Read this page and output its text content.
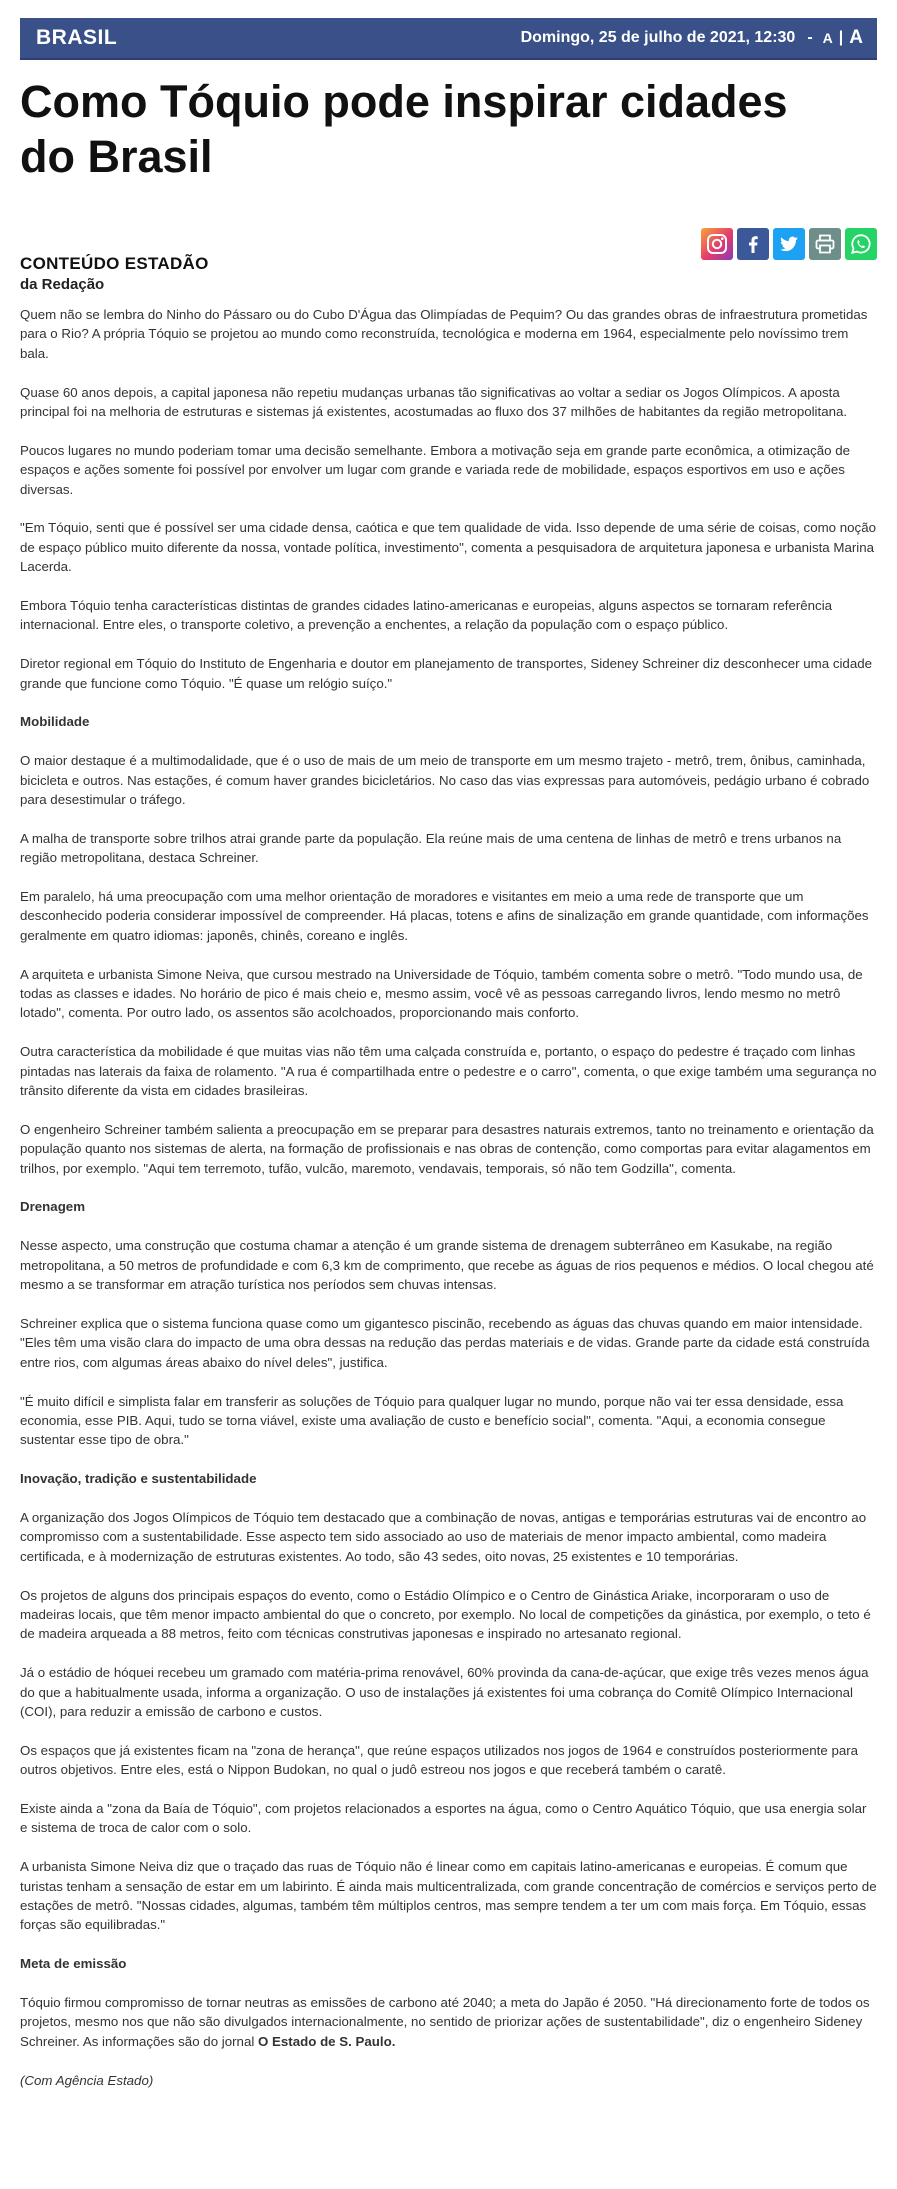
BRASIL	Domingo, 25 de julho de 2021, 12:30 - A | A
Como Tóquio pode inspirar cidades do Brasil
CONTEÚDO ESTADÃO
da Redação

Quem não se lembra do Ninho do Pássaro ou do Cubo D'Água das Olimpíadas de Pequim? Ou das grandes obras de infraestrutura prometidas para o Rio? A própria Tóquio se projetou ao mundo como reconstruída, tecnológica e moderna em 1964, especialmente pelo novíssimo trem bala.

Quase 60 anos depois, a capital japonesa não repetiu mudanças urbanas tão significativas ao voltar a sediar os Jogos Olímpicos. A aposta principal foi na melhoria de estruturas e sistemas já existentes, acostumadas ao fluxo dos 37 milhões de habitantes da região metropolitana.

Poucos lugares no mundo poderiam tomar uma decisão semelhante. Embora a motivação seja em grande parte econômica, a otimização de espaços e ações somente foi possível por envolver um lugar com grande e variada rede de mobilidade, espaços esportivos em uso e ações diversas.

"Em Tóquio, senti que é possível ser uma cidade densa, caótica e que tem qualidade de vida. Isso depende de uma série de coisas, como noção de espaço público muito diferente da nossa, vontade política, investimento", comenta a pesquisadora de arquitetura japonesa e urbanista Marina Lacerda.

Embora Tóquio tenha características distintas de grandes cidades latino-americanas e europeias, alguns aspectos se tornaram referência internacional. Entre eles, o transporte coletivo, a prevenção a enchentes, a relação da população com o espaço público.

Diretor regional em Tóquio do Instituto de Engenharia e doutor em planejamento de transportes, Sideney Schreiner diz desconhecer uma cidade grande que funcione como Tóquio. "É quase um relógio suíço."

Mobilidade

O maior destaque é a multimodalidade, que é o uso de mais de um meio de transporte em um mesmo trajeto - metrô, trem, ônibus, caminhada, bicicleta e outros. Nas estações, é comum haver grandes bicicletários. No caso das vias expressas para automóveis, pedágio urbano é cobrado para desestimular o tráfego.

A malha de transporte sobre trilhos atrai grande parte da população. Ela reúne mais de uma centena de linhas de metrô e trens urbanos na região metropolitana, destaca Schreiner.

Em paralelo, há uma preocupação com uma melhor orientação de moradores e visitantes em meio a uma rede de transporte que um desconhecido poderia considerar impossível de compreender. Há placas, totens e afins de sinalização em grande quantidade, com informações geralmente em quatro idiomas: japonês, chinês, coreano e inglês.

A arquiteta e urbanista Simone Neiva, que cursou mestrado na Universidade de Tóquio, também comenta sobre o metrô. "Todo mundo usa, de todas as classes e idades. No horário de pico é mais cheio e, mesmo assim, você vê as pessoas carregando livros, lendo mesmo no metrô lotado", comenta. Por outro lado, os assentos são acolchoados, proporcionando mais conforto.

Outra característica da mobilidade é que muitas vias não têm uma calçada construída e, portanto, o espaço do pedestre é traçado com linhas pintadas nas laterais da faixa de rolamento. "A rua é compartilhada entre o pedestre e o carro", comenta, o que exige também uma segurança no trânsito diferente da vista em cidades brasileiras.

O engenheiro Schreiner também salienta a preocupação em se preparar para desastres naturais extremos, tanto no treinamento e orientação da população quanto nos sistemas de alerta, na formação de profissionais e nas obras de contenção, como comportas para evitar alagamentos em trilhos, por exemplo. "Aqui tem terremoto, tufão, vulcão, maremoto, vendavais, temporais, só não tem Godzilla", comenta.

Drenagem

Nesse aspecto, uma construção que costuma chamar a atenção é um grande sistema de drenagem subterrâneo em Kasukabe, na região metropolitana, a 50 metros de profundidade e com 6,3 km de comprimento, que recebe as águas de rios pequenos e médios. O local chegou até mesmo a se transformar em atração turística nos períodos sem chuvas intensas.

Schreiner explica que o sistema funciona quase como um gigantesco piscinão, recebendo as águas das chuvas quando em maior intensidade. "Eles têm uma visão clara do impacto de uma obra dessas na redução das perdas materiais e de vidas. Grande parte da cidade está construída entre rios, com algumas áreas abaixo do nível deles", justifica.

"É muito difícil e simplista falar em transferir as soluções de Tóquio para qualquer lugar no mundo, porque não vai ter essa densidade, essa economia, esse PIB. Aqui, tudo se torna viável, existe uma avaliação de custo e benefício social", comenta. "Aqui, a economia consegue sustentar esse tipo de obra."

Inovação, tradição e sustentabilidade

A organização dos Jogos Olímpicos de Tóquio tem destacado que a combinação de novas, antigas e temporárias estruturas vai de encontro ao compromisso com a sustentabilidade. Esse aspecto tem sido associado ao uso de materiais de menor impacto ambiental, como madeira certificada, e à modernização de estruturas existentes. Ao todo, são 43 sedes, oito novas, 25 existentes e 10 temporárias.

Os projetos de alguns dos principais espaços do evento, como o Estádio Olímpico e o Centro de Ginástica Ariake, incorporaram o uso de madeiras locais, que têm menor impacto ambiental do que o concreto, por exemplo. No local de competições da ginástica, por exemplo, o teto é de madeira arqueada a 88 metros, feito com técnicas construtivas japonesas e inspirado no artesanato regional.

Já o estádio de hóquei recebeu um gramado com matéria-prima renovável, 60% provinda da cana-de-açúcar, que exige três vezes menos água do que a habitualmente usada, informa a organização. O uso de instalações já existentes foi uma cobrança do Comitê Olímpico Internacional (COI), para reduzir a emissão de carbono e custos.

Os espaços que já existentes ficam na "zona de herança", que reúne espaços utilizados nos jogos de 1964 e construídos posteriormente para outros objetivos. Entre eles, está o Nippon Budokan, no qual o judô estreou nos jogos e que receberá também o caratê.

Existe ainda a "zona da Baía de Tóquio", com projetos relacionados a esportes na água, como o Centro Aquático Tóquio, que usa energia solar e sistema de troca de calor com o solo.

A urbanista Simone Neiva diz que o traçado das ruas de Tóquio não é linear como em capitais latino-americanas e europeias. É comum que turistas tenham a sensação de estar em um labirinto. É ainda mais multicentralizada, com grande concentração de comércios e serviços perto de estações de metrô. "Nossas cidades, algumas, também têm múltiplos centros, mas sempre tendem a ter um com mais força. Em Tóquio, essas forças são equilibradas."

Meta de emissão

Tóquio firmou compromisso de tornar neutras as emissões de carbono até 2040; a meta do Japão é 2050. "Há direcionamento forte de todos os projetos, mesmo nos que não são divulgados internacionalmente, no sentido de priorizar ações de sustentabilidade", diz o engenheiro Sideney Schreiner. As informações são do jornal O Estado de S. Paulo.

(Com Agência Estado)
